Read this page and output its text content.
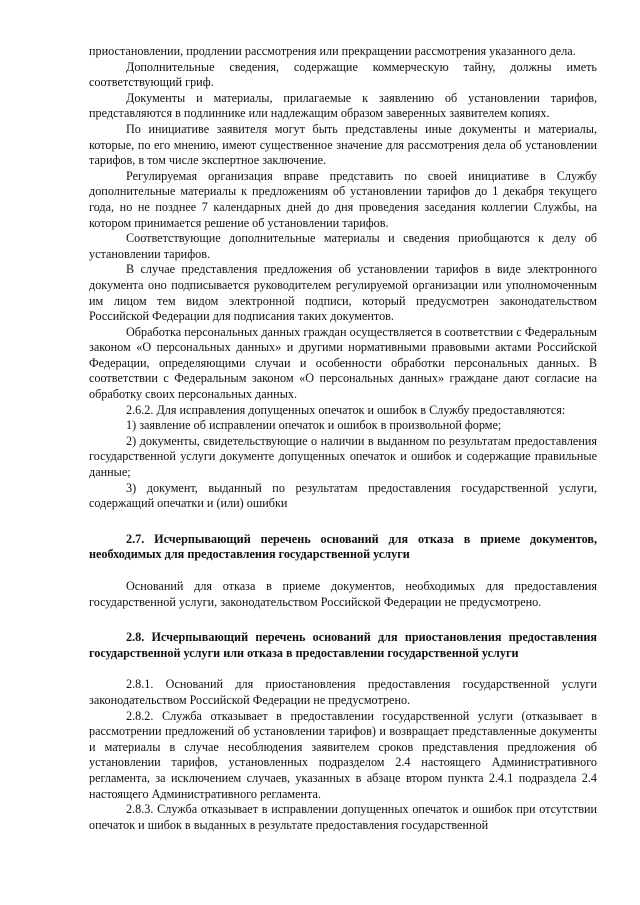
приостановлении, продлении рассмотрения или прекращении рассмотрения указанного дела.

Дополнительные сведения, содержащие коммерческую тайну, должны иметь соответствующий гриф.

Документы и материалы, прилагаемые к заявлению об установлении тарифов, представляются в подлиннике или надлежащим образом заверенных заявителем копиях.

По инициативе заявителя могут быть представлены иные документы и материалы, которые, по его мнению, имеют существенное значение для рассмотрения дела об установлении тарифов, в том числе экспертное заключение.

Регулируемая организация вправе представить по своей инициативе в Службу дополнительные материалы к предложениям об установлении тарифов до 1 декабря текущего года, но не позднее 7 календарных дней до дня проведения заседания коллегии Службы, на котором принимается решение об установлении тарифов.

Соответствующие дополнительные материалы и сведения приобщаются к делу об установлении тарифов.

В случае представления предложения об установлении тарифов в виде электронного документа оно подписывается руководителем регулируемой организации или уполномоченным им лицом тем видом электронной подписи, который предусмотрен законодательством Российской Федерации для подписания таких документов.

Обработка персональных данных граждан осуществляется в соответствии с Федеральным законом «О персональных данных» и другими нормативными правовыми актами Российской Федерации, определяющими случаи и особенности обработки персональных данных. В соответствии с Федеральным законом «О персональных данных» граждане дают согласие на обработку своих персональных данных.

2.6.2. Для исправления допущенных опечаток и ошибок в Службу предоставляются:

1) заявление об исправлении опечаток и ошибок в произвольной форме;

2) документы, свидетельствующие о наличии в выданном по результатам предоставления государственной услуги документе допущенных опечаток и ошибок и содержащие правильные данные;

3) документ, выданный по результатам предоставления государственной услуги, содержащий опечатки и (или) ошибки

2.7. Исчерпывающий перечень оснований для отказа в приеме документов, необходимых для предоставления государственной услуги

Оснований для отказа в приеме документов, необходимых для предоставления государственной услуги, законодательством Российской Федерации не предусмотрено.

2.8. Исчерпывающий перечень оснований для приостановления предоставления государственной услуги или отказа в предоставлении государственной услуги

2.8.1. Оснований для приостановления предоставления государственной услуги законодательством Российской Федерации не предусмотрено.

2.8.2. Служба отказывает в предоставлении государственной услуги (отказывает в рассмотрении предложений об установлении тарифов) и возвращает представленные документы и материалы в случае несоблюдения заявителем сроков представления предложения об установлении тарифов, установленных подразделом 2.4 настоящего Административного регламента, за исключением случаев, указанных в абзаце втором пункта 2.4.1 подраздела 2.4 настоящего Административного регламента.

2.8.3. Служба отказывает в исправлении допущенных опечаток и ошибок при отсутствии опечаток и шибок в выданных в результате предоставления государственной
